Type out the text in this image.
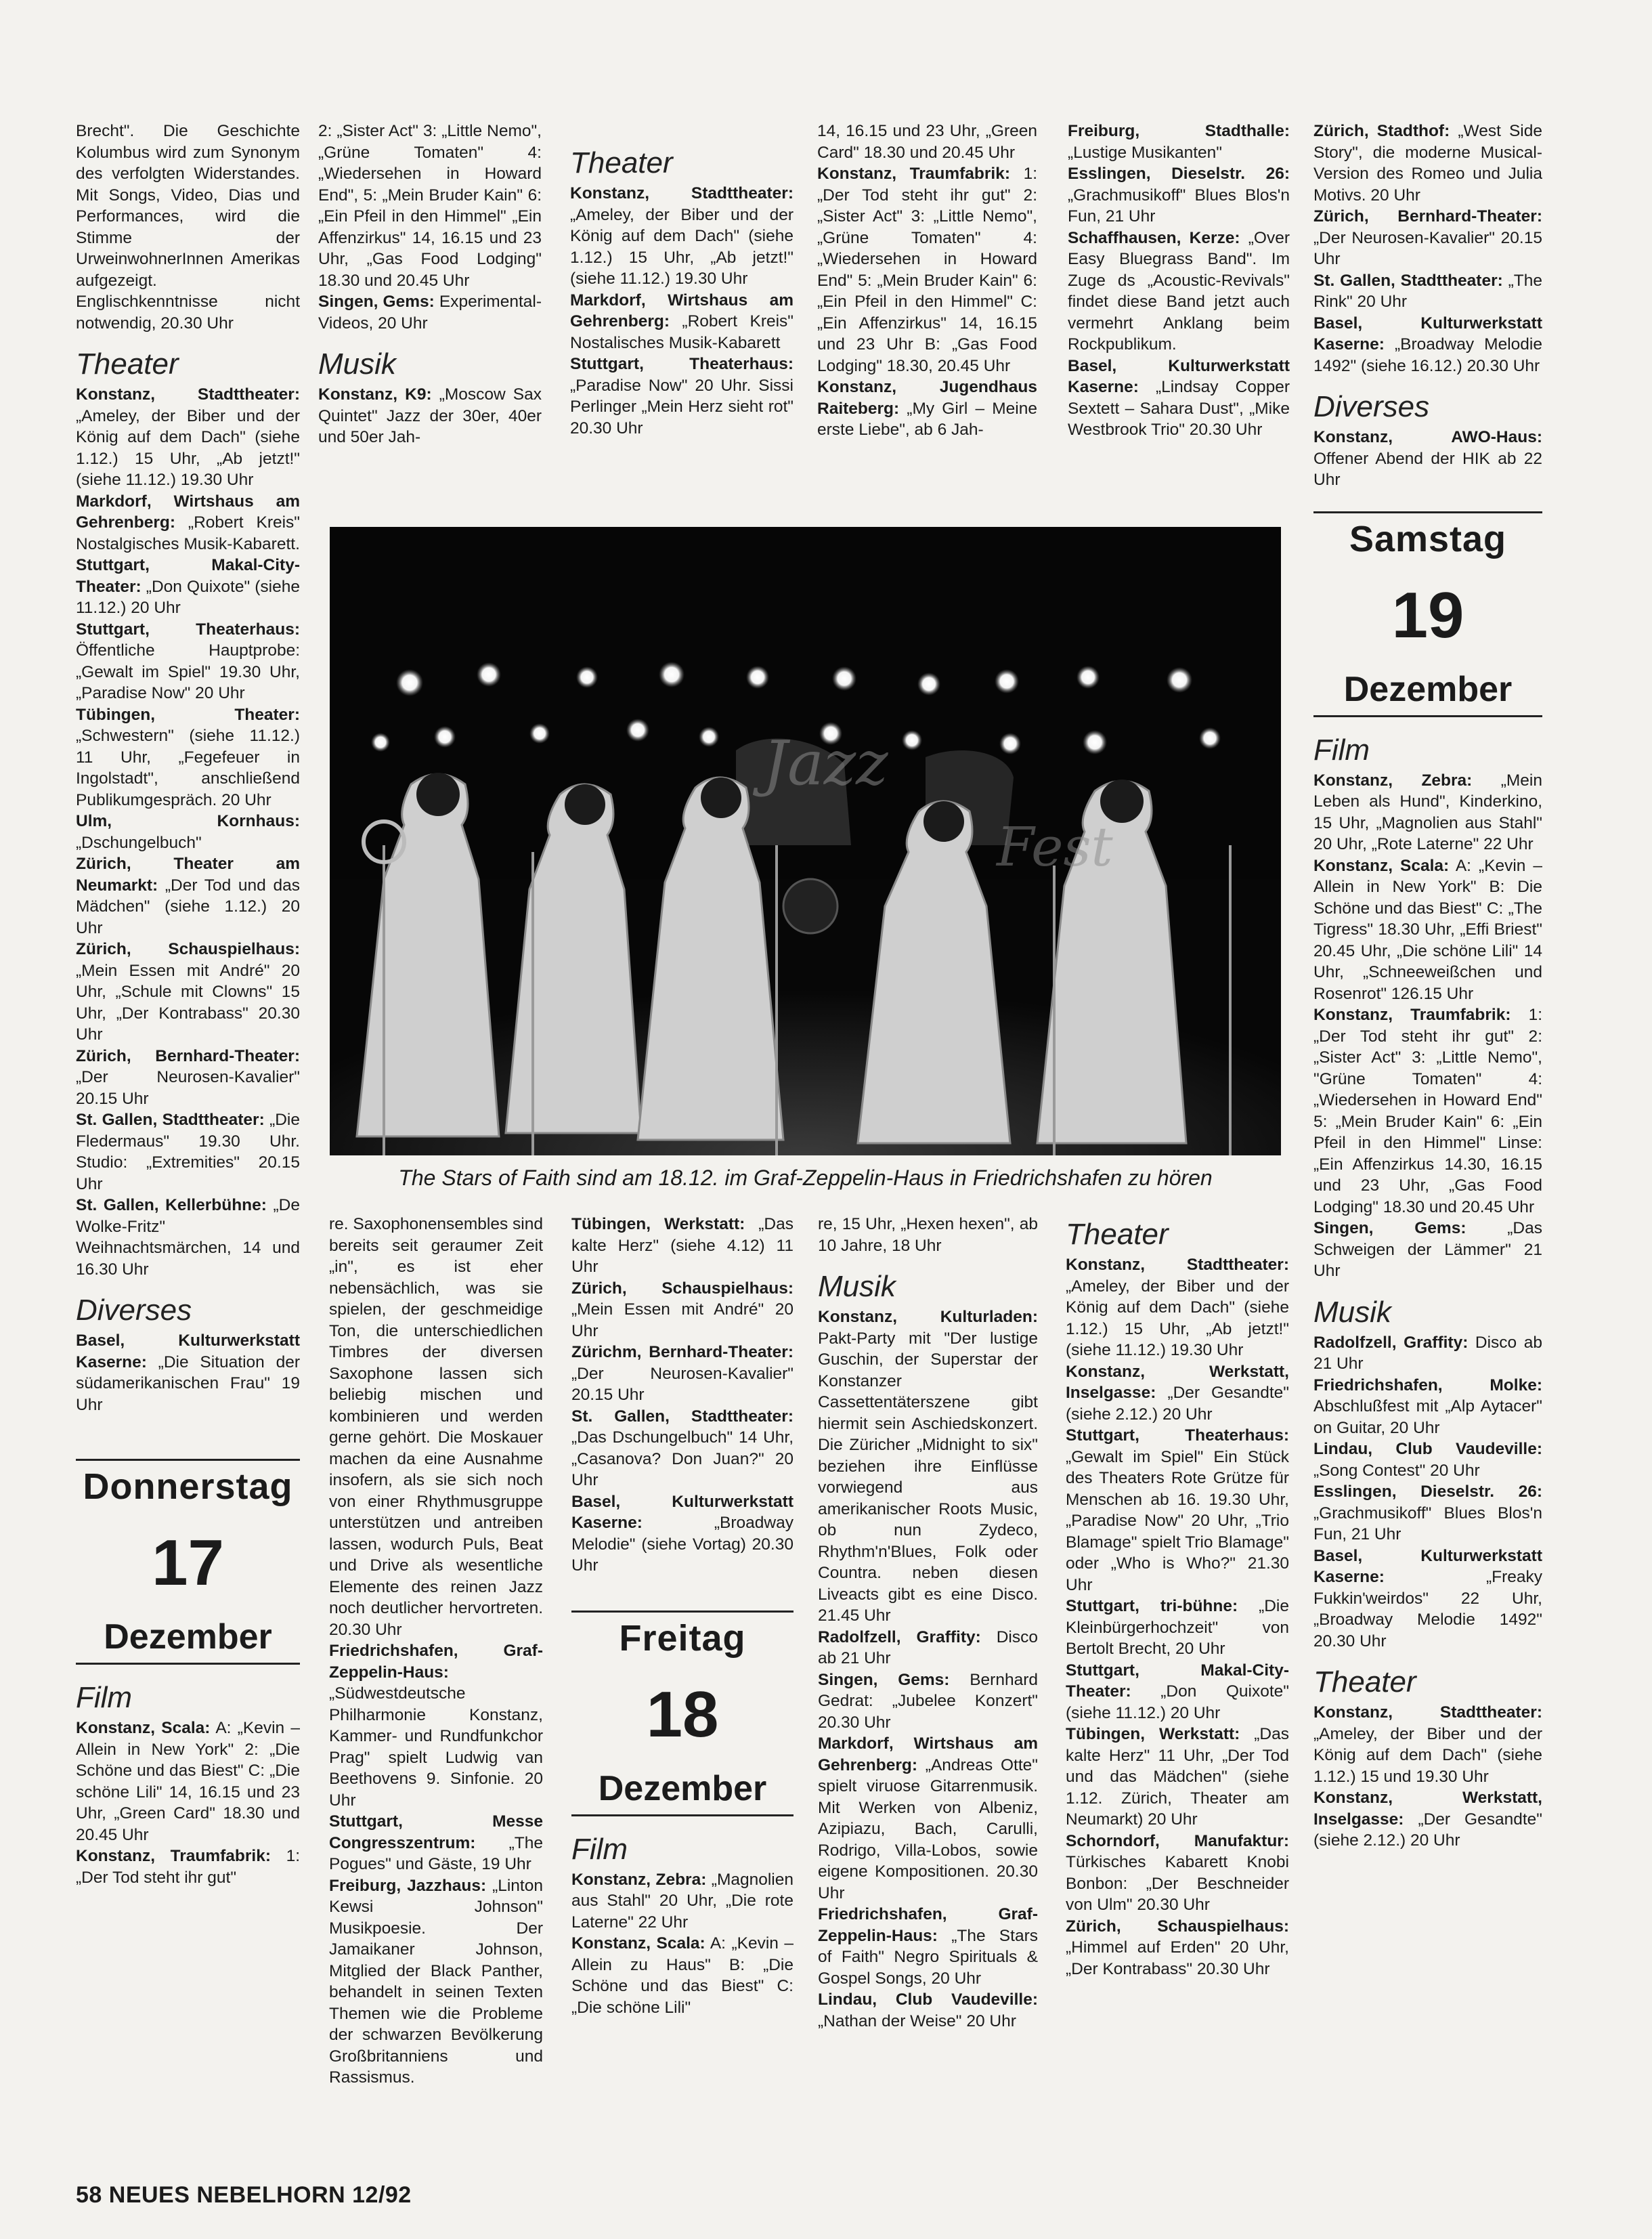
Brecht". Die Geschichte Kolumbus wird zum Synonym des verfolgten Widerstandes. Mit Songs, Video, Dias und Performances, wird die Stimme der UrweinwohnerInnen Amerikas aufgezeigt. Englischkenntnisse nicht notwendig, 20.30 Uhr

Theater

Konstanz, Stadttheater: „Ameley, der Biber und der König auf dem Dach" (siehe 1.12.) 15 Uhr, „Ab jetzt!" (siehe 11.12.) 19.30 Uhr

Markdorf, Wirtshaus am Gehrenberg: „Robert Kreis" Nostalgisches Musik-Kabarett.

Stuttgart, Makal-City-Theater: „Don Quixote" (siehe 11.12.) 20 Uhr

Stuttgart, Theaterhaus: Öffentliche Hauptprobe: „Gewalt im Spiel" 19.30 Uhr, „Paradise Now" 20 Uhr

Tübingen, Theater: „Schwestern" (siehe 11.12.) 11 Uhr, „Fegefeuer in Ingolstadt", anschließend Publikumgespräch. 20 Uhr

Ulm, Kornhaus: „Dschungelbuch"

Zürich, Theater am Neumarkt: „Der Tod und das Mädchen" (siehe 1.12.) 20 Uhr

Zürich, Schauspielhaus: „Mein Essen mit André" 20 Uhr, „Schule mit Clowns" 15 Uhr, „Der Kontrabass" 20.30 Uhr

Zürich, Bernhard-Theater: „Der Neurosen-Kavalier" 20.15 Uhr

St. Gallen, Stadttheater: „Die Fledermaus" 19.30 Uhr. Studio: „Extremities" 20.15 Uhr

St. Gallen, Kellerbühne: „De Wolke-Fritz" Weihnachtsmärchen, 14 und 16.30 Uhr

Diverses

Basel, Kulturwerkstatt Kaserne: „Die Situation der südamerikanischen Frau" 19 Uhr

Donnerstag
17
Dezember
Film

Konstanz, Scala: A: „Kevin – Allein in New York" 2: „Die Schöne und das Biest" C: „Die schöne Lili" 14, 16.15 und 23 Uhr, „Green Card" 18.30 und 20.45 Uhr

Konstanz, Traumfabrik: 1: „Der Tod steht ihr gut"

2: „Sister Act" 3: „Little Nemo", „Grüne Tomaten" 4: „Wiedersehen in Howard End", 5: „Mein Bruder Kain" 6: „Ein Pfeil in den Himmel" „Ein Affenzirkus" 14, 16.15 und 23 Uhr, „Gas Food Lodging" 18.30 und 20.45 Uhr

Singen, Gems: Experimental-Videos, 20 Uhr

Musik

Konstanz, K9: „Moscow Sax Quintet" Jazz der 30er, 40er und 50er Jah-

Theater

Konstanz, Stadttheater: „Ameley, der Biber und der König auf dem Dach" (siehe 1.12.) 15 Uhr, „Ab jetzt!" (siehe 11.12.) 19.30 Uhr

Markdorf, Wirtshaus am Gehrenberg: „Robert Kreis" Nostalisches Musik-Kabarett

Stuttgart, Theaterhaus: „Paradise Now" 20 Uhr. Sissi Perlinger „Mein Herz sieht rot" 20.30 Uhr

14, 16.15 und 23 Uhr, „Green Card" 18.30 und 20.45 Uhr

Konstanz, Traumfabrik: 1: „Der Tod steht ihr gut" 2: „Sister Act" 3: „Little Nemo", „Grüne Tomaten" 4: „Wiedersehen in Howard End" 5: „Mein Bruder Kain" 6: „Ein Pfeil in den Himmel" C: „Ein Affenzirkus" 14, 16.15 und 23 Uhr B: „Gas Food Lodging" 18.30, 20.45 Uhr

Konstanz, Jugendhaus Raiteberg: „My Girl – Meine erste Liebe", ab 6 Jah-

Freiburg, Stadthalle: „Lustige Musikanten"

Esslingen, Dieselstr. 26: „Grachmusikoff" Blues Blos'n Fun, 21 Uhr

Schaffhausen, Kerze: „Over Easy Bluegrass Band". Im Zuge ds „Acoustic-Revivals" findet diese Band jetzt auch vermehrt Anklang beim Rockpublikum.

Basel, Kulturwerkstatt Kaserne: „Lindsay Copper Sextett – Sahara Dust", „Mike Westbrook Trio" 20.30 Uhr

Zürich, Stadthof: „West Side Story", die moderne Musical-Version des Romeo und Julia Motivs. 20 Uhr

Zürich, Bernhard-Theater: „Der Neurosen-Kavalier" 20.15 Uhr

St. Gallen, Stadttheater: „The Rink" 20 Uhr

Basel, Kulturwerkstatt Kaserne: „Broadway Melodie 1492" (siehe 16.12.) 20.30 Uhr

Diverses

Konstanz, AWO-Haus: Offener Abend der HIK ab 22 Uhr

Samstag
19
Dezember
Film

Konstanz, Zebra: „Mein Leben als Hund", Kinderkino, 15 Uhr, „Magnolien aus Stahl" 20 Uhr, „Rote Laterne" 22 Uhr

Konstanz, Scala: A: „Kevin – Allein in New York" B: Die Schöne und das Biest" C: „The Tigress" 18.30 Uhr, „Effi Briest" 20.45 Uhr, „Die schöne Lili" 14 Uhr, „Schneeweißchen und Rosenrot" 126.15 Uhr

Konstanz, Traumfabrik: 1: „Der Tod steht ihr gut" 2: „Sister Act" 3: „Little Nemo", "Grüne Tomaten" 4: „Wiedersehen in Howard End" 5: „Mein Bruder Kain" 6: „Ein Pfeil in den Himmel" Linse: „Ein Affenzirkus 14.30, 16.15 und 23 Uhr, „Gas Food Lodging" 18.30 und 20.45 Uhr

Singen, Gems: „Das Schweigen der Lämmer" 21 Uhr

Musik

Radolfzell, Graffity: Disco ab 21 Uhr

Friedrichshafen, Molke: Abschlußfest mit „Alp Aytacer" on Guitar, 20 Uhr

Lindau, Club Vaudeville: „Song Contest" 20 Uhr

Esslingen, Dieselstr. 26: „Grachmusikoff" Blues Blos'n Fun, 21 Uhr

Basel, Kulturwerkstatt Kaserne: „Freaky Fukkin'weirdos" 22 Uhr, „Broadway Melodie 1492" 20.30 Uhr

Theater

Konstanz, Stadttheater: „Ameley, der Biber und der König auf dem Dach" (siehe 1.12.) 15 und 19.30 Uhr

Konstanz, Werkstatt, Inselgasse: „Der Gesandte" (siehe 2.12.) 20 Uhr

Jazz
Fest
The Stars of Faith sind am 18.12. im Graf-Zeppelin-Haus in Friedrichshafen zu hören

re. Saxophonensembles sind bereits seit geraumer Zeit „in", es ist eher nebensächlich, was sie spielen, der geschmeidige Ton, die unterschiedlichen Timbres der diversen Saxophone lassen sich beliebig mischen und kombinieren und werden gerne gehört. Die Moskauer machen da eine Ausnahme insofern, als sie sich noch von einer Rhythmusgruppe unterstützen und antreiben lassen, wodurch Puls, Beat und Drive als wesentliche Elemente des reinen Jazz noch deutlicher hervortreten. 20.30 Uhr

Friedrichshafen, Graf-Zeppelin-Haus: „Südwestdeutsche Philharmonie Konstanz, Kammer- und Rundfunkchor Prag" spielt Ludwig van Beethovens 9. Sinfonie. 20 Uhr

Stuttgart, Messe Congresszentrum: „The Pogues" und Gäste, 19 Uhr

Freiburg, Jazzhaus: „Linton Kewsi Johnson" Musikpoesie. Der Jamaikaner Johnson, Mitglied der Black Panther, behandelt in seinen Texten Themen wie die Probleme der schwarzen Bevölkerung Großbritanniens und Rassismus.

Tübingen, Werkstatt: „Das kalte Herz" (siehe 4.12) 11 Uhr

Zürich, Schauspielhaus: „Mein Essen mit André" 20 Uhr

Zürichm, Bernhard-Theater: „Der Neurosen-Kavalier" 20.15 Uhr

St. Gallen, Stadttheater: „Das Dschungelbuch" 14 Uhr, „Casanova? Don Juan?" 20 Uhr

Basel, Kulturwerkstatt Kaserne: „Broadway Melodie" (siehe Vortag) 20.30 Uhr

Freitag
18
Dezember
Film

Konstanz, Zebra: „Magnolien aus Stahl" 20 Uhr, „Die rote Laterne" 22 Uhr

Konstanz, Scala: A: „Kevin – Allein zu Haus" B: „Die Schöne und das Biest" C: „Die schöne Lili"

re, 15 Uhr, „Hexen hexen", ab 10 Jahre, 18 Uhr

Musik

Konstanz, Kulturladen: Pakt-Party mit "Der lustige Guschin, der Superstar der Konstanzer Cassettentäterszene gibt hiermit sein Aschiedskonzert. Die Züricher „Midnight to six" beziehen ihre Einflüsse vorwiegend aus amerikanischer Roots Music, ob nun Zydeco, Rhythm'n'Blues, Folk oder Countra. neben diesen Liveacts gibt es eine Disco. 21.45 Uhr

Radolfzell, Graffity: Disco ab 21 Uhr

Singen, Gems: Bernhard Gedrat: „Jubelee Konzert" 20.30 Uhr

Markdorf, Wirtshaus am Gehrenberg: „Andreas Otte" spielt viruose Gitarrenmusik. Mit Werken von Albeniz, Azipiazu, Bach, Carulli, Rodrigo, Villa-Lobos, sowie eigene Kompositionen. 20.30 Uhr

Friedrichshafen, Graf-Zeppelin-Haus: „The Stars of Faith" Negro Spirituals & Gospel Songs, 20 Uhr

Lindau, Club Vaudeville: „Nathan der Weise" 20 Uhr

Theater

Konstanz, Stadttheater: „Ameley, der Biber und der König auf dem Dach" (siehe 1.12.) 15 Uhr, „Ab jetzt!" (siehe 11.12.) 19.30 Uhr

Konstanz, Werkstatt, Inselgasse: „Der Gesandte" (siehe 2.12.) 20 Uhr

Stuttgart, Theaterhaus: „Gewalt im Spiel" Ein Stück des Theaters Rote Grütze für Menschen ab 16. 19.30 Uhr, „Paradise Now" 20 Uhr, „Trio Blamage" spielt Trio Blamage" oder „Who is Who?" 21.30 Uhr

Stuttgart, tri-bühne: „Die Kleinbürgerhochzeit" von Bertolt Brecht, 20 Uhr

Stuttgart, Makal-City-Theater: „Don Quixote" (siehe 11.12.) 20 Uhr

Tübingen, Werkstatt: „Das kalte Herz" 11 Uhr, „Der Tod und das Mädchen" (siehe 1.12. Zürich, Theater am Neumarkt) 20 Uhr

Schorndorf, Manufaktur: Türkisches Kabarett Knobi Bonbon: „Der Beschneider von Ulm" 20.30 Uhr

Zürich, Schauspielhaus: „Himmel auf Erden" 20 Uhr, „Der Kontrabass" 20.30 Uhr

58 NEUES NEBELHORN 12/92
